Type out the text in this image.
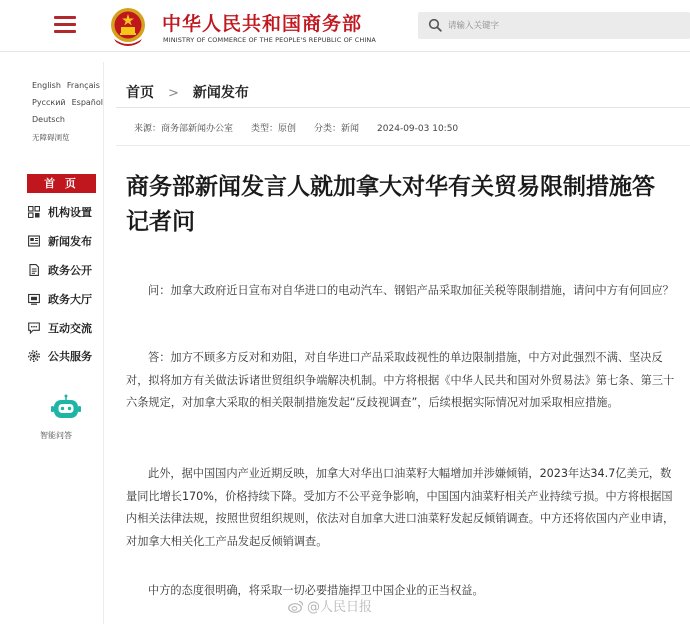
中华人民共和国商务部
MINISTRY OF COMMERCE OF THE PEOPLE'S REPUBLIC OF CHINA
请输入关键字
English Français
Русский Español
Deutsch
无障碍浏览
首 页
机构设置
新闻发布
政务公开
政务大厅
互动交流
公共服务
智能问答
首页 > 新闻发布
来源：商务部新闻办公室 类型：原创 分类：新闻 2024-09-03 10:50
商务部新闻发言人就加拿大对华有关贸易限制措施答记者问
问：加拿大政府近日宣布对自华进口的电动汽车、钢铝产品采取加征关税等限制措施，请问中方有何回应？
答：加方不顾多方反对和劝阻，对自华进口产品采取歧视性的单边限制措施，中方对此强烈不满、坚决反对，拟将加方有关做法诉诸世贸组织争端解决机制。中方将根据《中华人民共和国对外贸易法》第七条、第三十六条规定，对加拿大采取的相关限制措施发起“反歧视调查”，后续根据实际情况对加采取相应措施。
此外，据中国国内产业近期反映，加拿大对华出口油菜籽大幅增加并涉嫌倾销，2023年达34.7亿美元，数量同比增长170%，价格持续下降。受加方不公平竞争影响，中国国内油菜籽相关产业持续亏损。中方将根据国内相关法律法规，按照世贸组织规则，依法对自加拿大进口油菜籽发起反倾销调查。中方还将依国内产业申请，对加拿大相关化工产品发起反倾销调查。
中方的态度很明确，将采取一切必要措施捍卫中国企业的正当权益。
@人民日报
